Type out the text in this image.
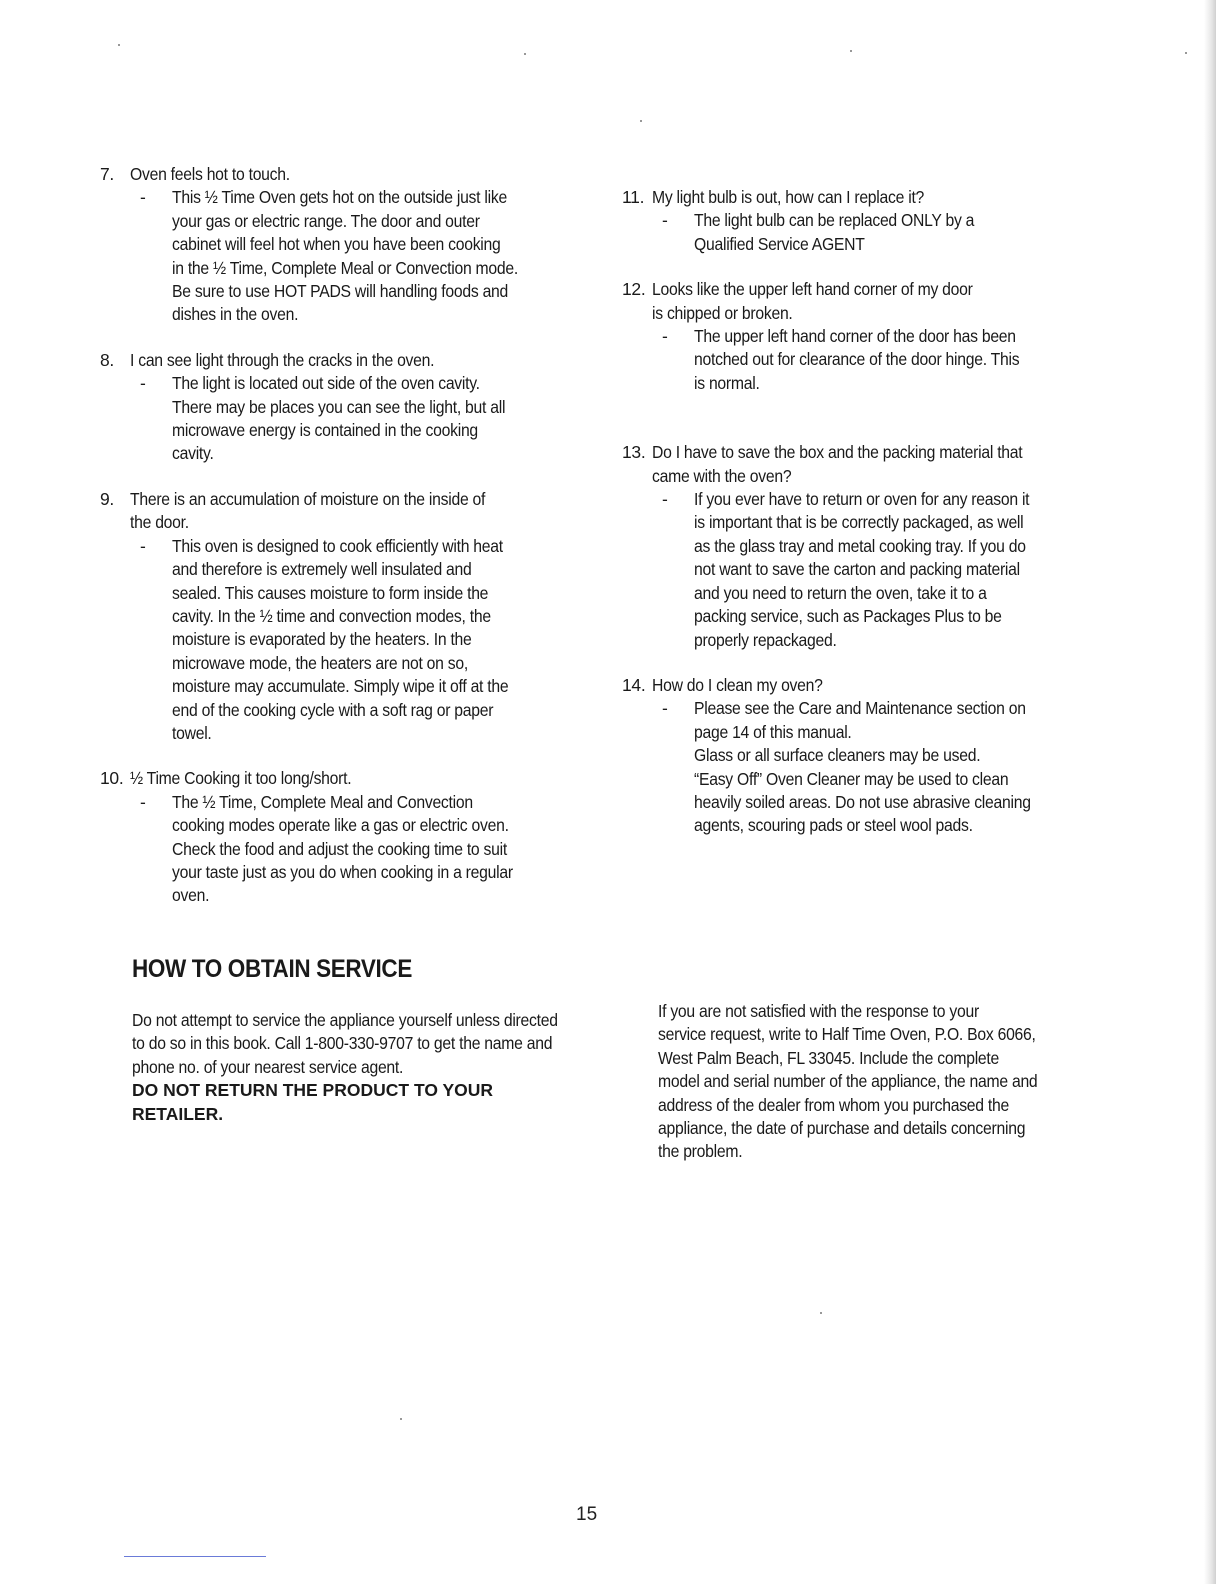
7. Oven feels hot to touch.
-	This ½ Time Oven gets hot on the outside just like
your gas or electric range. The door and outer
cabinet will feel hot when you have been cooking
in the ½ Time, Complete Meal or Convection mode.
Be sure to use HOT PADS will handling foods and
dishes in the oven.
8. I can see light through the cracks in the oven.
-	The light is located out side of the oven cavity.
There may be places you can see the light, but all
microwave energy is contained in the cooking
cavity.
9. There is an accumulation of moisture on the inside of
the door.
-	This oven is designed to cook efficiently with heat
and therefore is extremely well insulated and
sealed. This causes moisture to form inside the
cavity. In the ½ time and convection modes, the
moisture is evaporated by the heaters. In the
microwave mode, the heaters are not on so,
moisture may accumulate. Simply wipe it off at the
end of the cooking cycle with a soft rag or paper
towel.
10. ½ Time Cooking it too long/short.
-	The ½ Time, Complete Meal and Convection
cooking modes operate like a gas or electric oven.
Check the food and adjust the cooking time to suit
your taste just as you do when cooking in a regular
oven.
11. My light bulb is out, how can I replace it?
-	The light bulb can be replaced ONLY by a
Qualified Service AGENT
12. Looks like the upper left hand corner of my door
is chipped or broken.
-	The upper left hand corner of the door has been
notched out for clearance of the door hinge. This
is normal.
13. Do I have to save the box and the packing material that
came with the oven?
-	If you ever have to return or oven for any reason it
is important that is be correctly packaged, as well
as the glass tray and metal cooking tray. If you do
not want to save the carton and packing material
and you need to return the oven, take it to a
packing service, such as Packages Plus to be
properly repackaged.
14. How do I clean my oven?
-	Please see the Care and Maintenance section on
page 14 of this manual.
Glass or all surface cleaners may be used.
“Easy Off” Oven Cleaner may be used to clean
heavily soiled areas. Do not use abrasive cleaning
agents, scouring pads or steel wool pads.
HOW TO OBTAIN SERVICE
Do not attempt to service the appliance yourself unless directed to do so in this book. Call 1-800-330-9707 to get the name and phone no. of your nearest service agent.
DO NOT RETURN THE PRODUCT TO YOUR RETAILER.
If you are not satisfied with the response to your
service request, write to Half Time Oven, P.O. Box 6066,
West Palm Beach, FL 33045. Include the complete
model and serial number of the appliance, the name and
address of the dealer from whom you purchased the
appliance, the date of purchase and details concerning
the problem.
15
